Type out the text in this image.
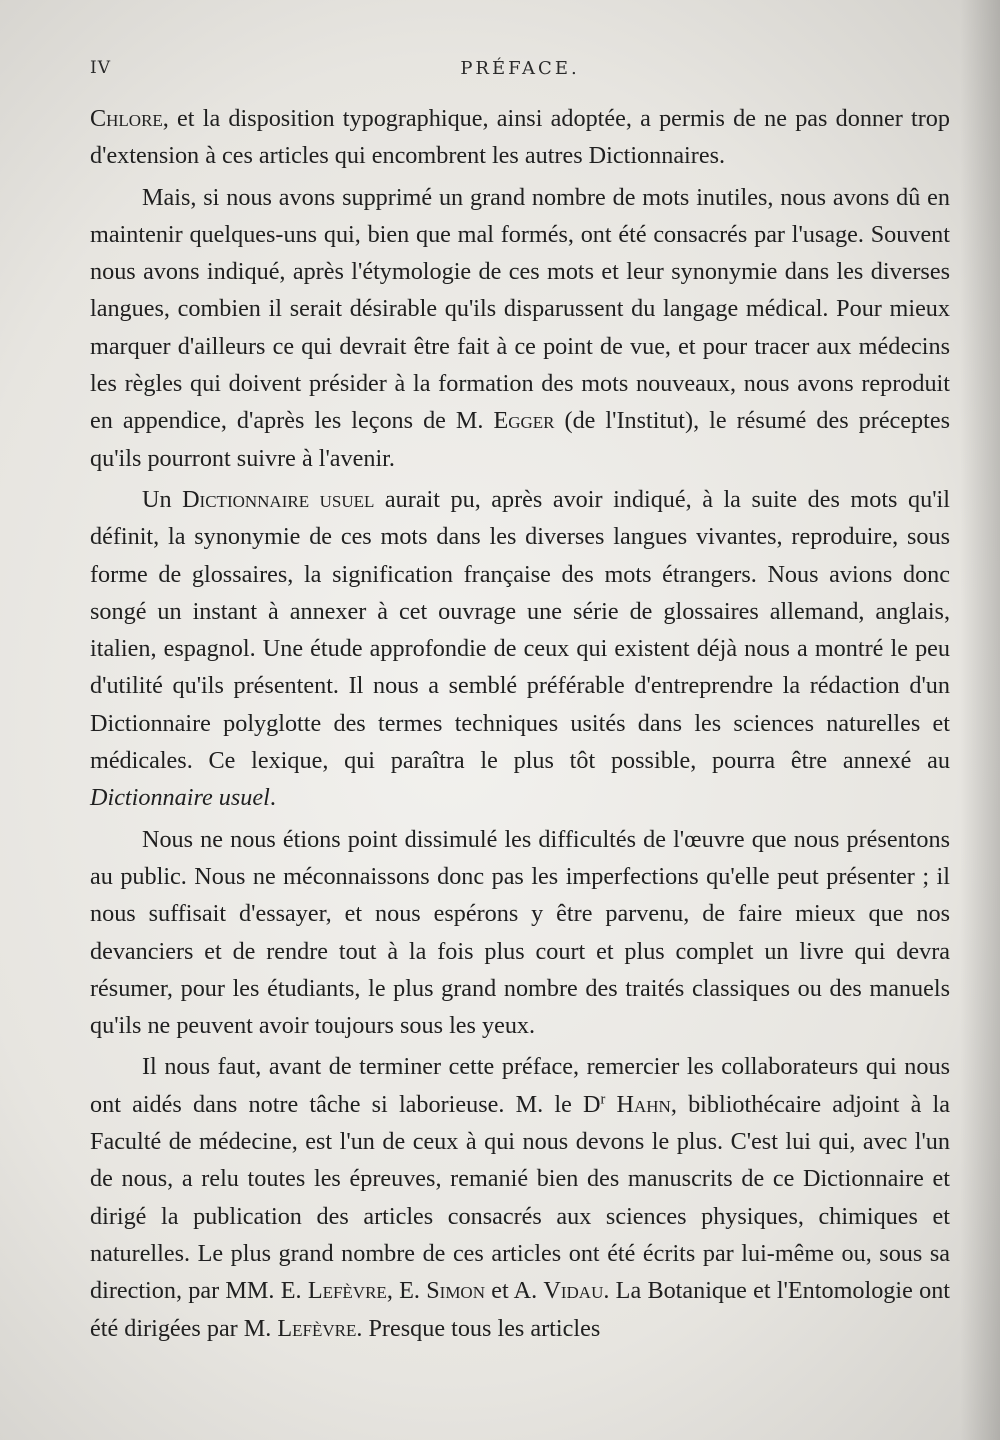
IV	PRÉFACE.

Chlore, et la disposition typographique, ainsi adoptée, a permis de ne pas donner trop d'extension à ces articles qui encombrent les autres Dictionnaires.

Mais, si nous avons supprimé un grand nombre de mots inutiles, nous avons dû en maintenir quelques-uns qui, bien que mal formés, ont été consacrés par l'usage. Souvent nous avons indiqué, après l'étymologie de ces mots et leur synonymie dans les diverses langues, combien il serait désirable qu'ils disparussent du langage médical. Pour mieux marquer d'ailleurs ce qui devrait être fait à ce point de vue, et pour tracer aux médecins les règles qui doivent présider à la formation des mots nouveaux, nous avons reproduit en appendice, d'après les leçons de M. Egger (de l'Institut), le résumé des préceptes qu'ils pourront suivre à l'avenir.

Un Dictionnaire usuel aurait pu, après avoir indiqué, à la suite des mots qu'il définit, la synonymie de ces mots dans les diverses langues vivantes, reproduire, sous forme de glossaires, la signification française des mots étrangers. Nous avions donc songé un instant à annexer à cet ouvrage une série de glossaires allemand, anglais, italien, espagnol. Une étude approfondie de ceux qui existent déjà nous a montré le peu d'utilité qu'ils présentent. Il nous a semblé préférable d'entreprendre la rédaction d'un Dictionnaire polyglotte des termes techniques usités dans les sciences naturelles et médicales. Ce lexique, qui paraîtra le plus tôt possible, pourra être annexé au Dictionnaire usuel.

Nous ne nous étions point dissimulé les difficultés de l'œuvre que nous présentons au public. Nous ne méconnaissons donc pas les imperfections qu'elle peut présenter ; il nous suffisait d'essayer, et nous espérons y être parvenu, de faire mieux que nos devanciers et de rendre tout à la fois plus court et plus complet un livre qui devra résumer, pour les étudiants, le plus grand nombre des traités classiques ou des manuels qu'ils ne peuvent avoir toujours sous les yeux.

Il nous faut, avant de terminer cette préface, remercier les collaborateurs qui nous ont aidés dans notre tâche si laborieuse. M. le $D^r$ Hahn, bibliothécaire adjoint à la Faculté de médecine, est l'un de ceux à qui nous devons le plus. C'est lui qui, avec l'un de nous, a relu toutes les épreuves, remanié bien des manuscrits de ce Dictionnaire et dirigé la publication des articles consacrés aux sciences physiques, chimiques et naturelles. Le plus grand nombre de ces articles ont été écrits par lui-même ou, sous sa direction, par MM. E. Lefèvre, E. Simon et A. Vidau. La Botanique et l'Entomologie ont été dirigées par M. Lefèvre. Presque tous les articles
